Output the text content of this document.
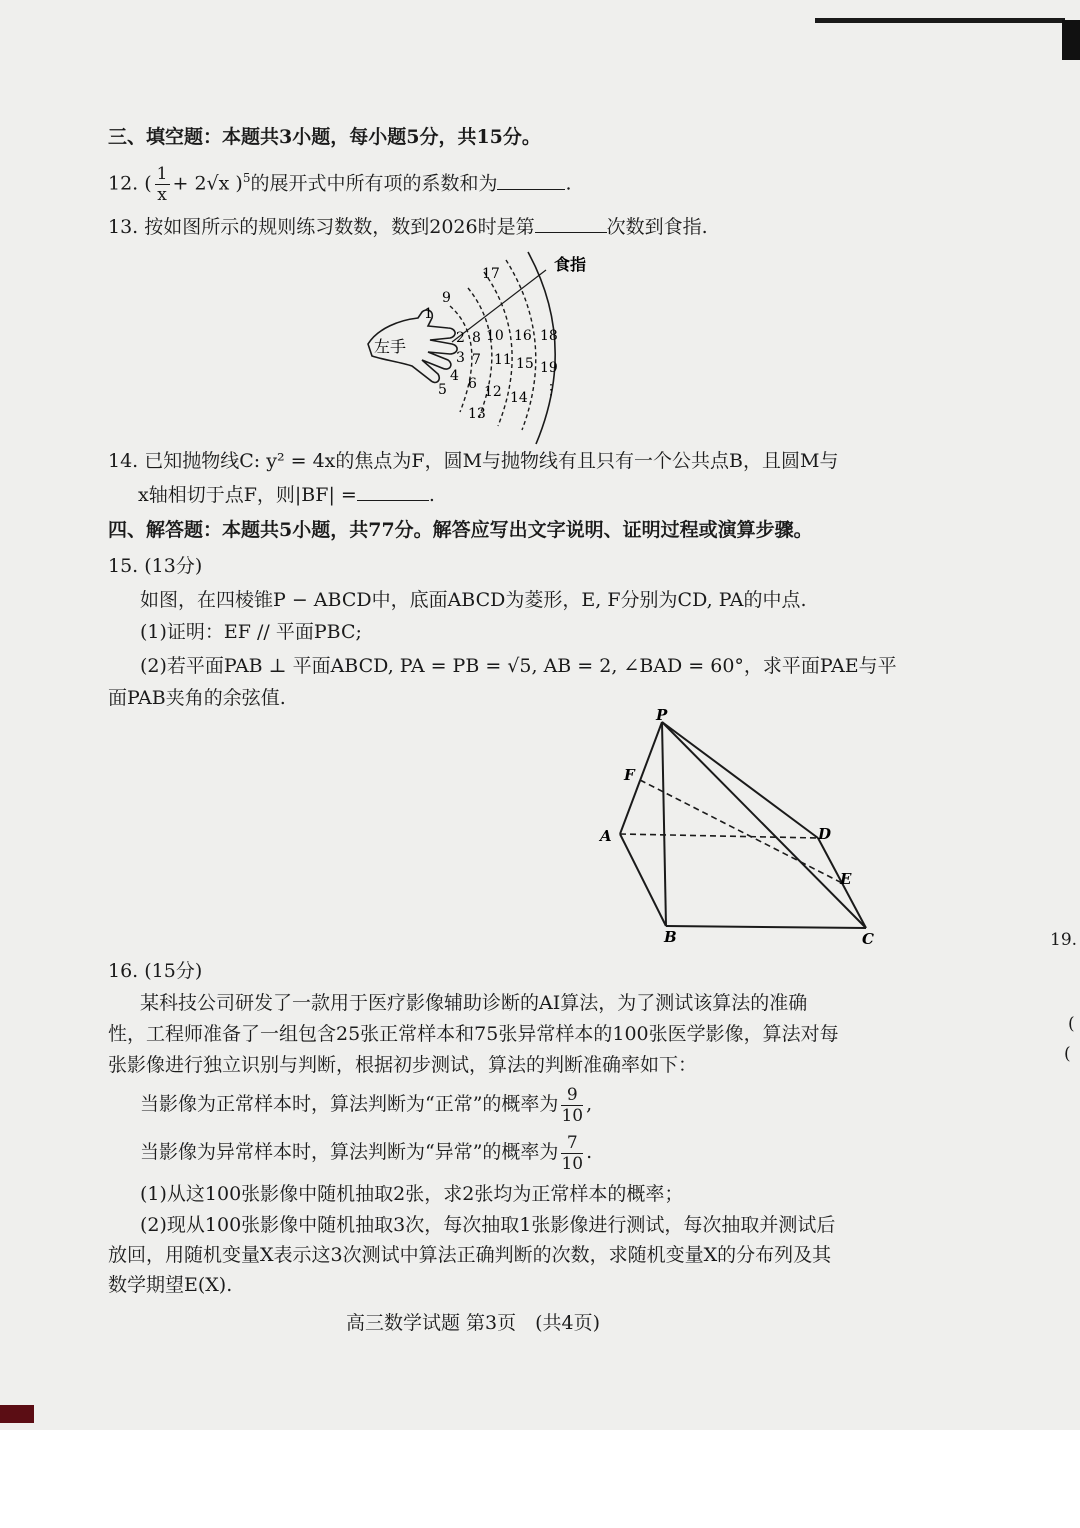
三、填空题：本题共3小题，每小题5分，共15分。
12. ( $\frac{1}{x} + 2√x$ )$^5$的展开式中所有项的系数和为	.
13. 按如图所示的规则练习数数，数到2026时是第	次数到食指.
左手
食指
1
2
3
4
5 6
7
8
9
10
11
12
13
14
15
16
17
18
19
⋮
14. 已知抛物线C: y² = 4x的焦点为F，圆M与抛物线有且只有一个公共点B，且圆M与
x轴相切于点F，则|BF| =	.
四、解答题：本题共5小题，共77分。解答应写出文字说明、证明过程或演算步骤。
15. (13分)
如图，在四棱锥P − ABCD中，底面ABCD为菱形，E, F分别为CD, PA的中点.
(1)证明：EF // 平面PBC;
(2)若平面PAB ⊥ 平面ABCD, PA = PB = √5, AB = 2, ∠BAD = 60°，求平面PAE与平
面PAB夹角的余弦值.
P
F
A	D
E
B	C
16. (15分)
某科技公司研发了一款用于医疗影像辅助诊断的AI算法，为了测试该算法的准确
性，工程师准备了一组包含25张正常样本和75张异常样本的100张医学影像，算法对每
张影像进行独立识别与判断，根据初步测试，算法的判断准确率如下：
当影像为正常样本时，算法判断为“正常”的概率为 $\frac{9}{10}$ ,
当影像为异常样本时，算法判断为“异常”的概率为 $\frac{7}{10}$ .
(1)从这100张影像中随机抽取2张，求2张均为正常样本的概率；
(2)现从100张影像中随机抽取3次，每次抽取1张影像进行测试，每次抽取并测试后
放回，用随机变量X表示这3次测试中算法正确判断的次数，求随机变量X的分布列及其
数学期望E(X).
高三数学试题 第3页　(共4页)
19.
(
(
